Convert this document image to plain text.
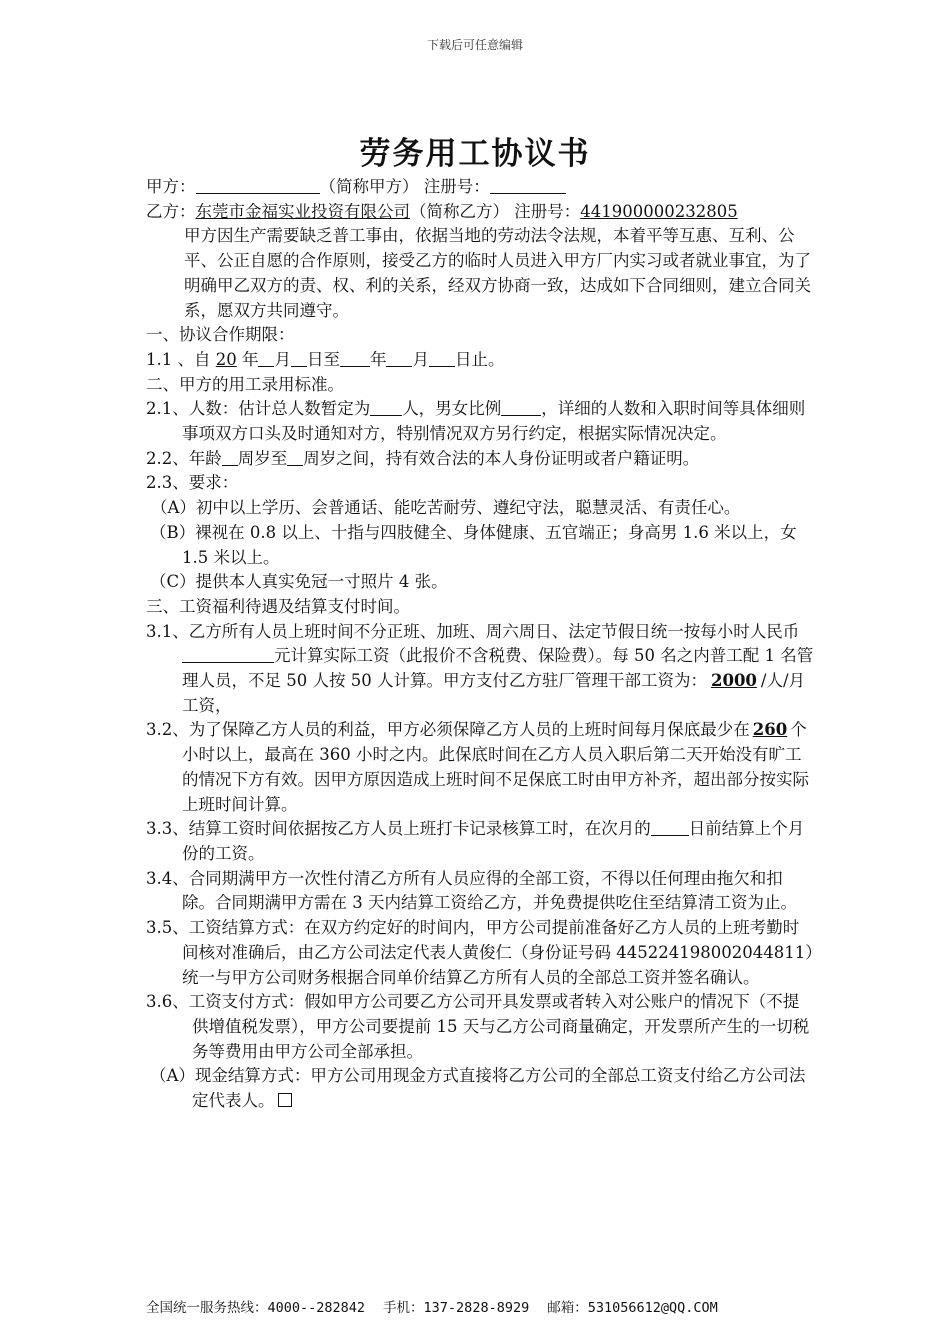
下载后可任意编辑
劳务用工协议书

甲方：	（简称甲方） 注册号：

乙方：东莞市金福实业投资有限公司（简称乙方） 注册号：441900000232805

甲方因生产需要缺乏普工事由，依据当地的劳动法令法规，本着平等互惠、互利、公平、公正自愿的合作原则，接受乙方的临时人员进入甲方厂内实习或者就业事宜，为了明确甲乙双方的责、权、利的关系，经双方协商一致，达成如下合同细则，建立合同关系，愿双方共同遵守。

一、协议合作期限：

1.1 、自 20 年 月 日至 年 月 日止。

二、甲方的用工录用标准。

2.1、人数：估计总人数暂定为 人，男女比例 ，详细的人数和入职时间等具体细则事项双方口头及时通知对方，特别情况双方另行约定，根据实际情况决定。

2.2、年龄 周岁至 周岁之间，持有效合法的本人身份证明或者户籍证明。

2.3、要求：

（A）初中以上学历、会普通话、能吃苦耐劳、遵纪守法，聪慧灵活、有责任心。

（B）裸视在 0.8 以上、十指与四肢健全、身体健康、五官端正；身高男 1.6 米以上，女 1.5 米以上。

（C）提供本人真实免冠一寸照片 4 张。

三、工资福利待遇及结算支付时间。

3.1、乙方所有人员上班时间不分正班、加班、周六周日、法定节假日统一按每小时人民币元计算实际工资（此报价不含税费、保险费）。每 50 名之内普工配 1 名管理人员，不足 50 人按 50 人计算。甲方支付乙方驻厂管理干部工资为： 2000 /人/月工资，

3.2、为了保障乙方人员的利益，甲方必须保障乙方人员的上班时间每月保底最少在 260 个小时以上，最高在 360 小时之内。此保底时间在乙方人员入职后第二天开始没有旷工的情况下方有效。因甲方原因造成上班时间不足保底工时由甲方补齐，超出部分按实际上班时间计算。

3.3、结算工资时间依据按乙方人员上班打卡记录核算工时，在次月的 日前结算上个月份的工资。

3.4、合同期满甲方一次性付清乙方所有人员应得的全部工资，不得以任何理由拖欠和扣除。合同期满甲方需在 3 天内结算工资给乙方，并免费提供吃住至结算清工资为止。

3.5、工资结算方式：在双方约定好的时间内，甲方公司提前准备好乙方人员的上班考勤时间核对准确后，由乙方公司法定代表人黄俊仁（身份证号码 445224198002044811）统一与甲方公司财务根据合同单价结算乙方所有人员的全部总工资并签名确认。

3.6、工资支付方式：假如甲方公司要乙方公司开具发票或者转入对公账户的情况下（不提供增值税发票），甲方公司要提前 15 天与乙方公司商量确定，开发票所产生的一切税务等费用由甲方公司全部承担。

（A）现金结算方式：甲方公司用现金方式直接将乙方公司的全部总工资支付给乙方公司法定代表人。

全国统一服务热线：4000--282842 手机：137-2828-8929 邮箱：531056612@QQ.COM
